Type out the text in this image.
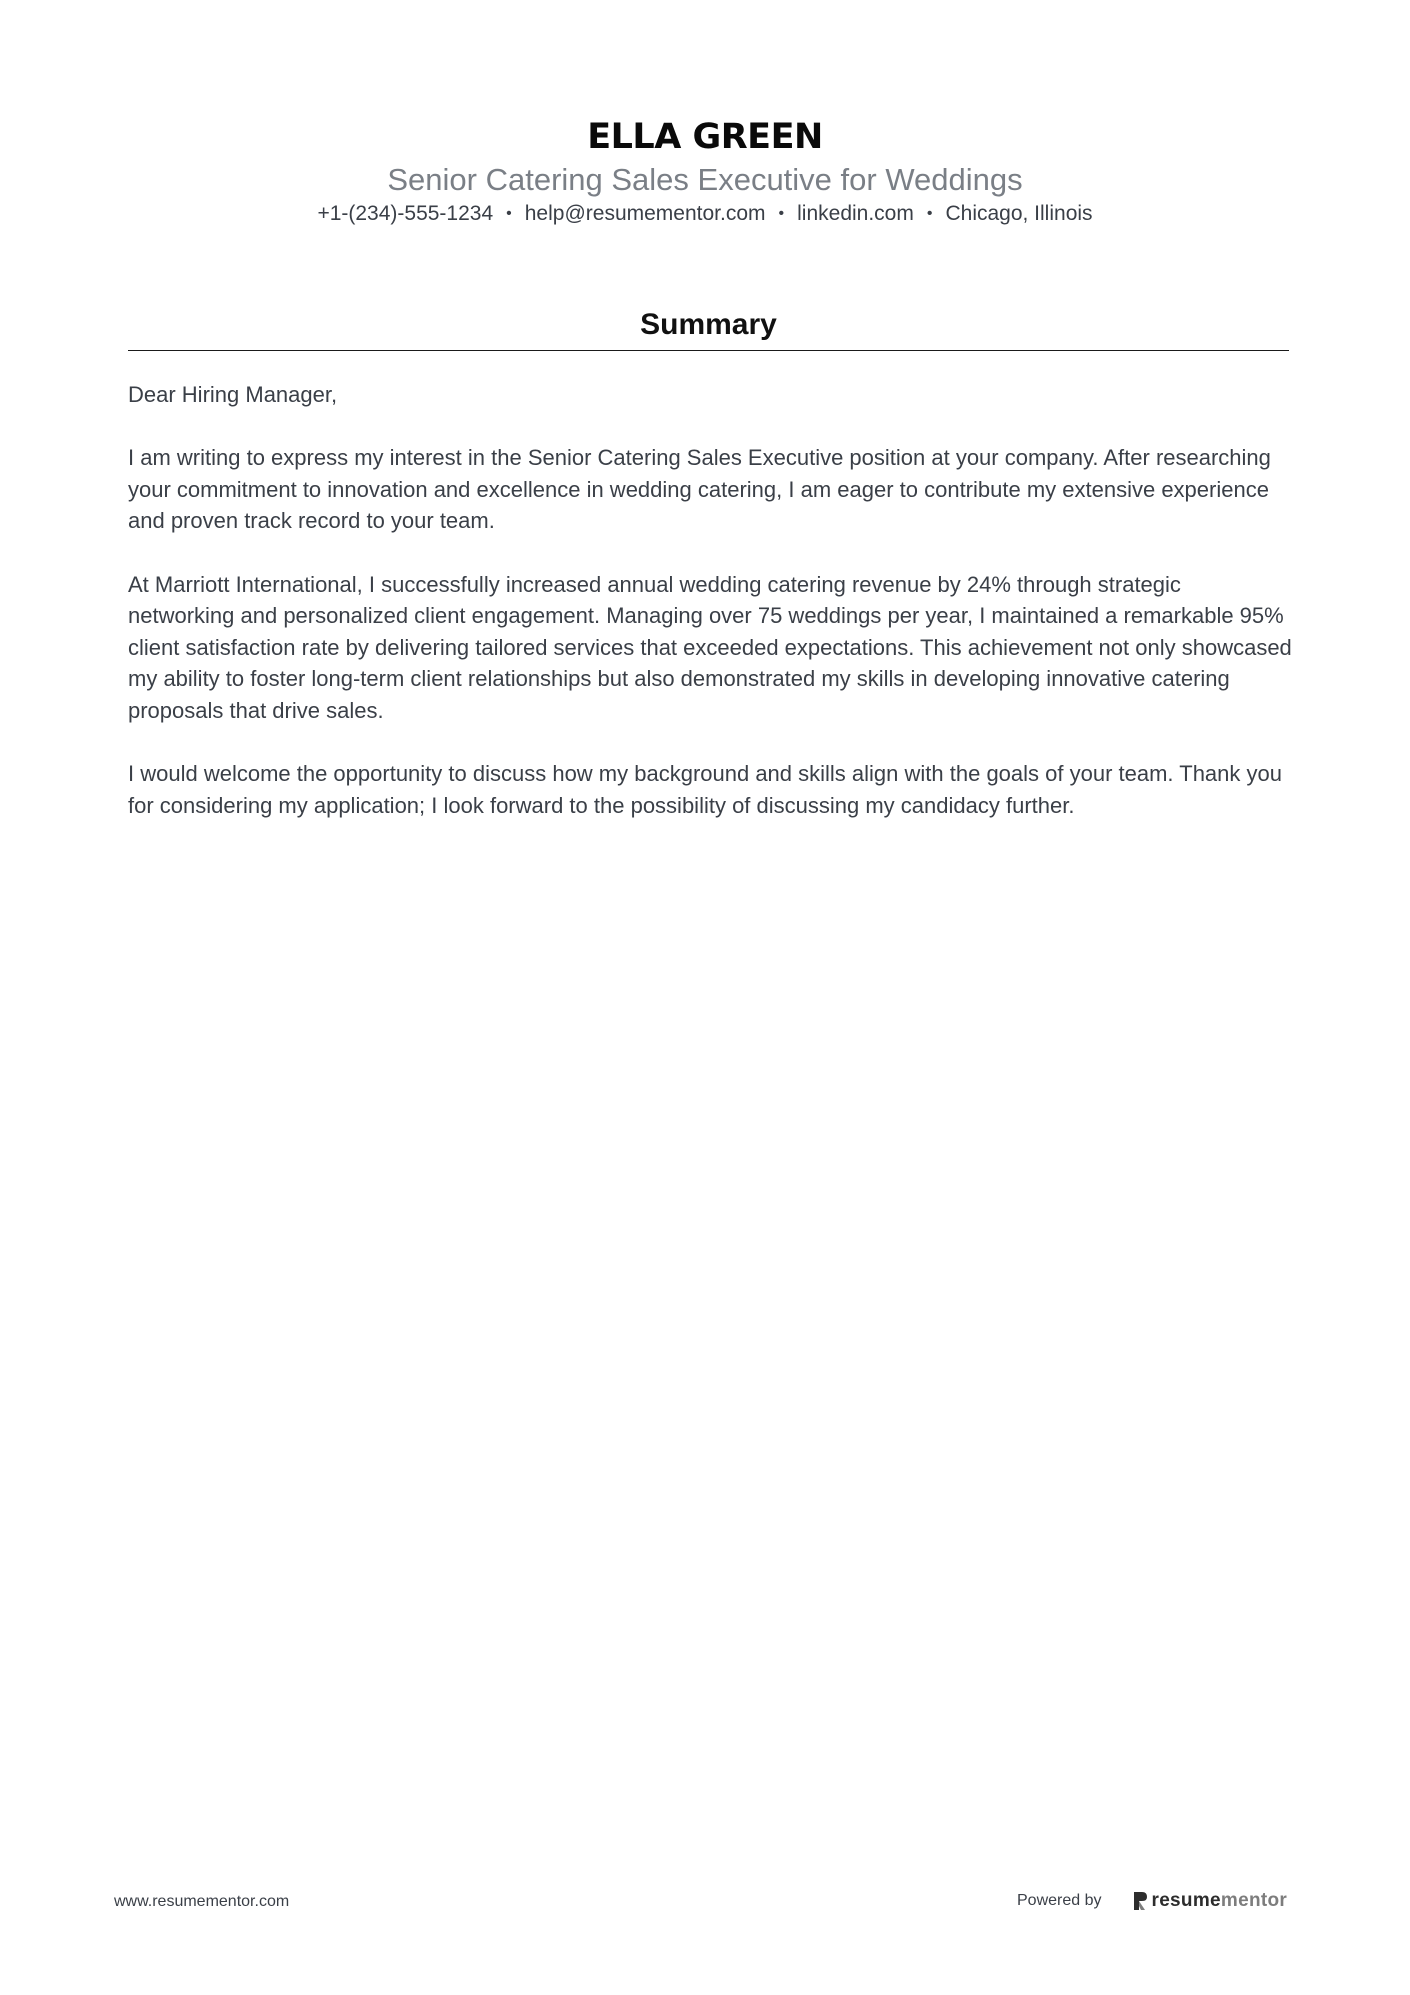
ELLA GREEN
Senior Catering Sales Executive for Weddings
+1-(234)-555-1234 • help@resumementor.com • linkedin.com • Chicago, Illinois
Summary

Dear Hiring Manager,

I am writing to express my interest in the Senior Catering Sales Executive position at your company. After researching your commitment to innovation and excellence in wedding catering, I am eager to contribute my extensive experience and proven track record to your team.

At Marriott International, I successfully increased annual wedding catering revenue by 24% through strategic networking and personalized client engagement. Managing over 75 weddings per year, I maintained a remarkable 95% client satisfaction rate by delivering tailored services that exceeded expectations. This achievement not only showcased my ability to foster long-term client relationships but also demonstrated my skills in developing innovative catering proposals that drive sales.

I would welcome the opportunity to discuss how my background and skills align with the goals of your team. Thank you for considering my application; I look forward to the possibility of discussing my candidacy further.

www.resumementor.com	Powered by	resumementor
